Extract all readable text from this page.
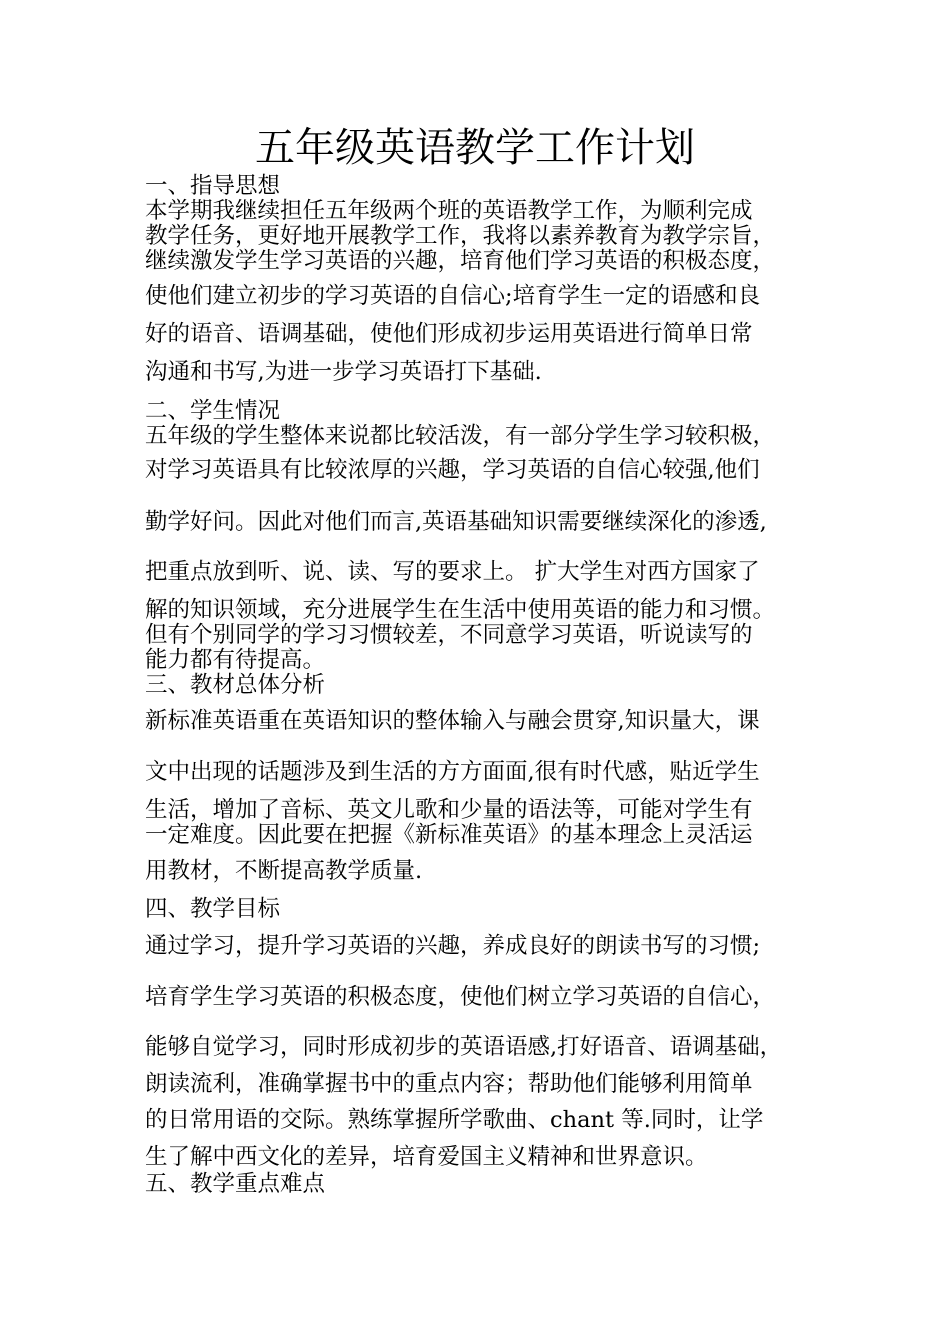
五年级英语教学工作计划
一、指导思想
本学期我继续担任五年级两个班的英语教学工作，为顺利完成
教学任务，更好地开展教学工作，我将以素养教育为教学宗旨，
继续激发学生学习英语的兴趣，培育他们学习英语的积极态度，
使他们建立初步的学习英语的自信心;培育学生一定的语感和良
好的语音、语调基础，使他们形成初步运用英语进行简单日常
沟通和书写,为进一步学习英语打下基础.
二、学生情况
五年级的学生整体来说都比较活泼，有一部分学生学习较积极，
对学习英语具有比较浓厚的兴趣，学习英语的自信心较强,他们
勤学好问。因此对他们而言,英语基础知识需要继续深化的渗透,
把重点放到听、说、读、写的要求上。 扩大学生对西方国家了
解的知识领域，充分进展学生在生活中使用英语的能力和习惯。
但有个别同学的学习习惯较差，不同意学习英语，听说读写的
能力都有待提高。
三、教材总体分析
新标准英语重在英语知识的整体输入与融会贯穿,知识量大，课
文中出现的话题涉及到生活的方方面面,很有时代感，贴近学生
生活，增加了音标、英文儿歌和少量的语法等，可能对学生有
一定难度。因此要在把握《新标准英语》的基本理念上灵活运
用教材，不断提高教学质量.
四、教学目标
通过学习，提升学习英语的兴趣，养成良好的朗读书写的习惯;
培育学生学习英语的积极态度，使他们树立学习英语的自信心，
能够自觉学习，同时形成初步的英语语感,打好语音、语调基础，
朗读流利，准确掌握书中的重点内容；帮助他们能够利用简单
的日常用语的交际。熟练掌握所学歌曲、chant 等.同时，让学
生了解中西文化的差异，培育爱国主义精神和世界意识。
五、教学重点难点
